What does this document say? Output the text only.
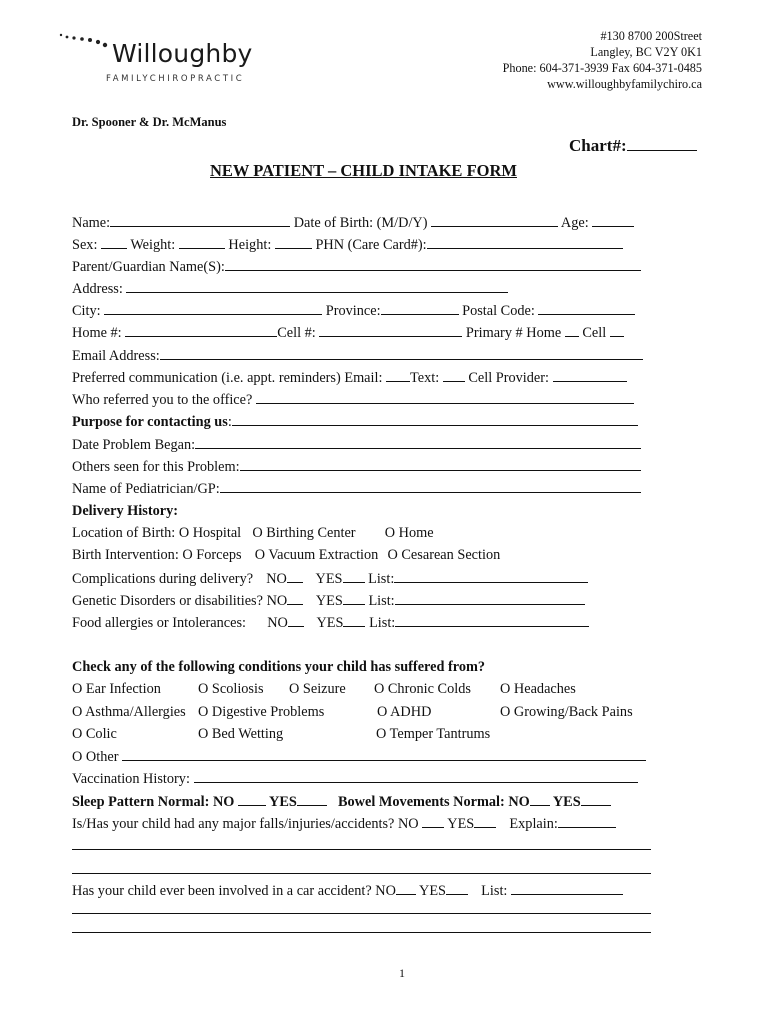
Willoughby
FAMILYCHIROPRACTIC
#130 8700 200Street
Langley, BC V2Y 0K1
Phone: 604-371-3939 Fax 604-371-0485
www.willoughbyfamilychiro.ca
Dr. Spooner & Dr. McManus
Chart#:
NEW PATIENT – CHILD INTAKE FORM
Name:	Date of Birth: (M/D/Y)	Age:
Sex: Weight:	Height:	PHN (Care Card#):
Parent/Guardian Name(S):
Address:
City:	Province:	Postal Code:
Home #:	Cell #:	Primary # Home Cell
Email Address:
Preferred communication (i.e. appt. reminders) Email: Text: Cell Provider:
Who referred you to the office?
Purpose for contacting us:
Date Problem Began:
Others seen for this Problem:
Name of Pediatrician/GP:
Delivery History:
Location of Birth: O Hospital O Birthing Center O Home
Birth Intervention: O Forceps O Vacuum Extraction O Cesarean Section
Complications during delivery? NO YES List:
Genetic Disorders or disabilities? NO YES List:
Food allergies or Intolerances: NO YES List:
Check any of the following conditions your child has suffered from?
O Ear Infection	O Scoliosis O Seizure O Chronic Colds O Headaches
O Asthma/Allergies O Digestive Problems	O ADHD	O Growing/Back Pains
O Colic	O Bed Wetting	O Temper Tantrums
O Other
Vaccination History:
Sleep Pattern Normal: NO YES	Bowel Movements Normal: NO YES
Is/Has your child had any major falls/injuries/accidents? NO YES Explain:
Has your child ever been involved in a car accident? NO YES List:
1
